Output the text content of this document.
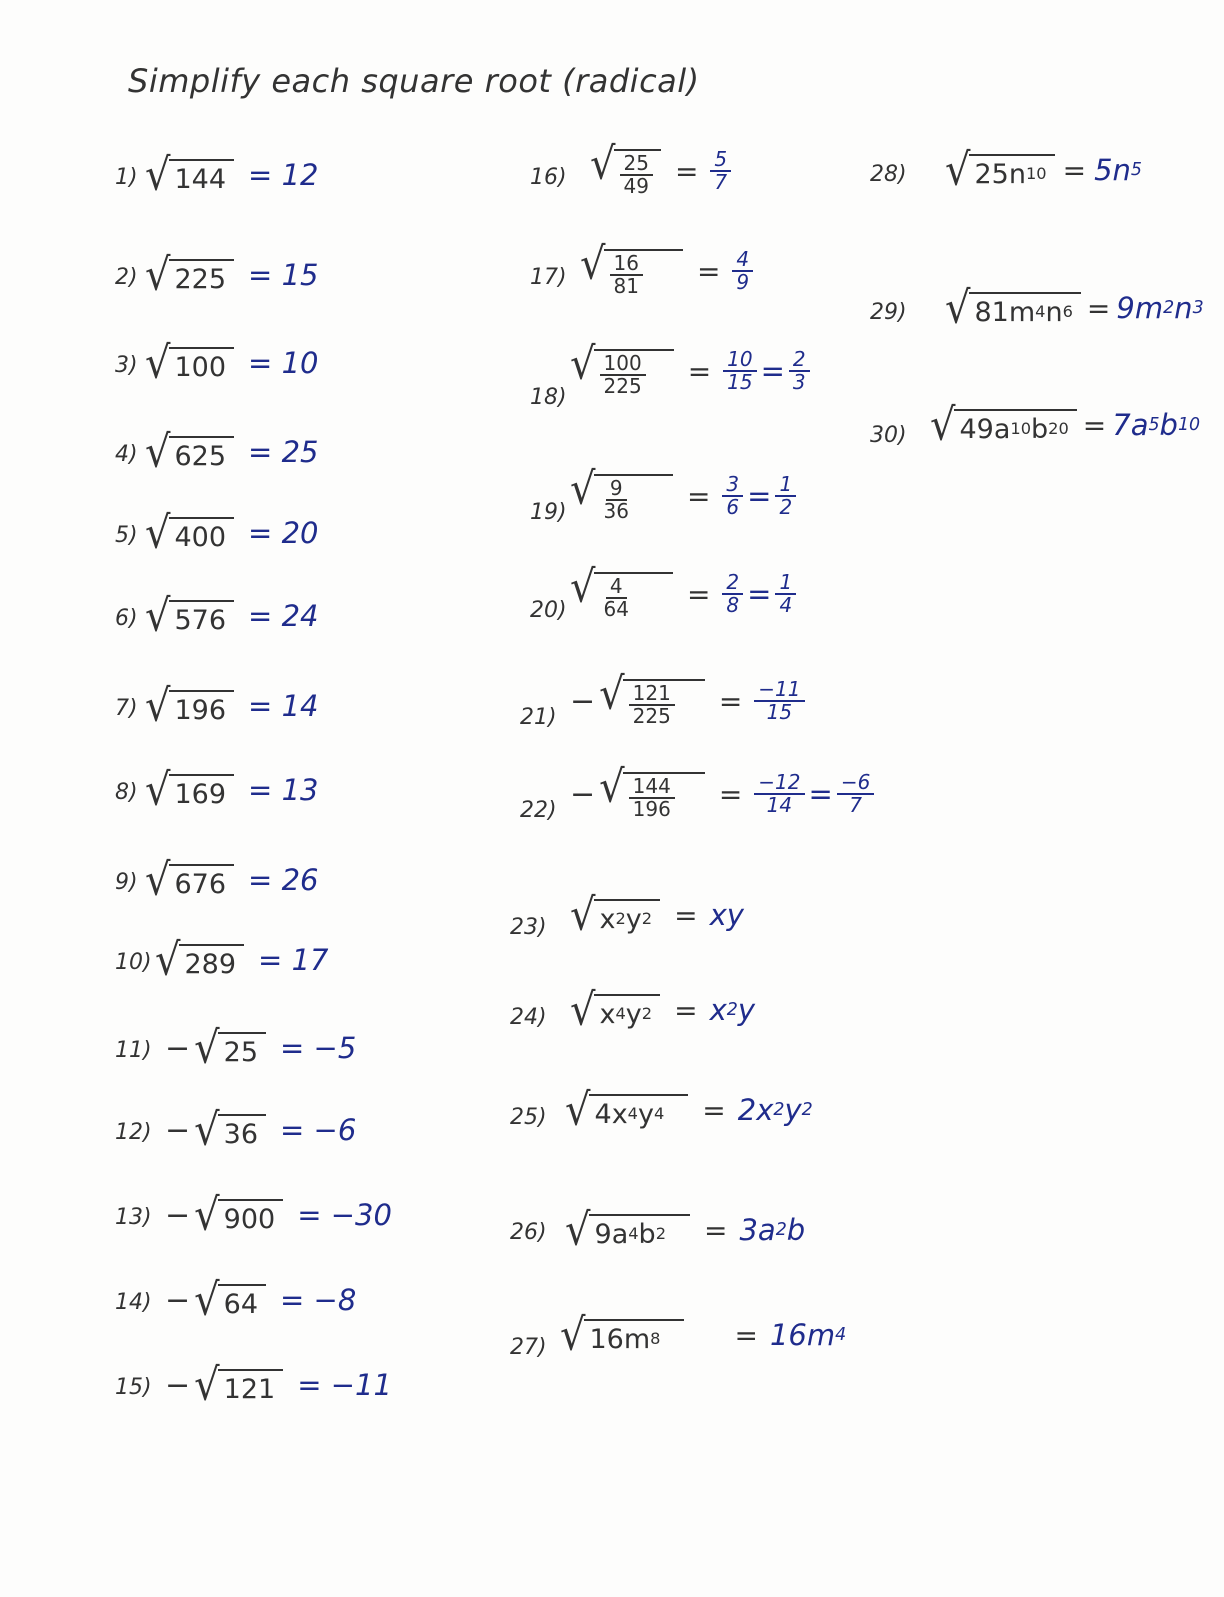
Simplify each square root (radical)
1) √ 144 = 12
2) √ 225 = 15
3) √ 100 = 10
4) √ 625 = 25
5) √ 400 = 20
6) √ 576 = 24
7) √ 196 = 14
8) √ 169 = 13
9) √ 676 = 26
10) √ 289 = 17
11) − √ 25 = −5
12) − √ 36 = −6
13) − √ 900 = −30
14) − √ 64 = −8
15) − √ 121 = −11
16) √ $\frac{25}{49} = \frac{5}{7}$
17) √ $\frac{16}{81} = \frac{4}{9}$
18)
√ $\frac{100}{225} = \frac{10}{15} = \frac{2}{3}$
19) √ $\frac{9}{36} = \frac{3}{6} = \frac{1}{2}$
20) √ $\frac{4}{64} = \frac{2}{8} = \frac{1}{4}$
21) − √ $\frac{121}{225} = \frac{-11}{15}$
22) − √ $\frac{144}{196} = \frac{-12}{14} = \frac{-6}{7}$
23) √ x 2 y 2 = xy
24) √ x 4 y 2 = x 2 y
25) √ 4 x 4 y 4 = 2 x 2 y 2
26) √ 9 a 4 b 2 = 3 a 2 b
27) √ 16 m 8	= 16 m 4
28) √ 25 n 10 = 5 n 5
29) √ 81 m 4 n 6 = 9 m 2 n 3
30) √ 49 a 10 b 20 = 7 a 5 b 10
